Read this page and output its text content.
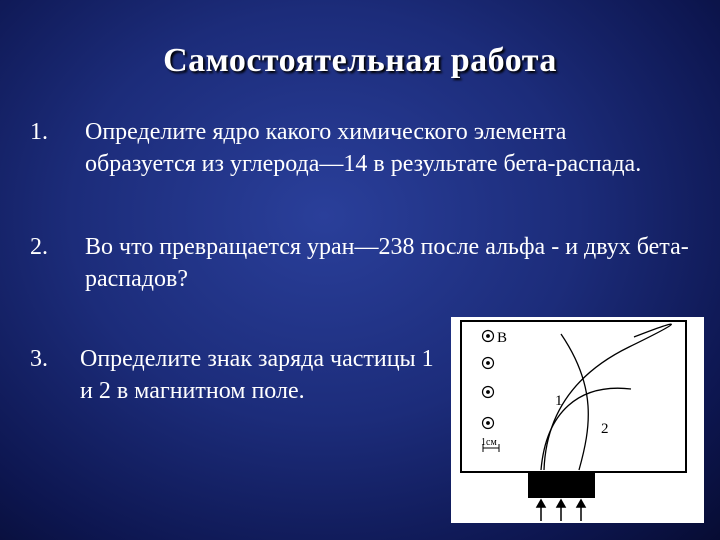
Самостоятельная работа
1. Определите ядро какого химического элемента образуется из углерода—14 в результате бета-распада.
2. Во что превращается уран—238 после альфа - и двух бета-распадов?
3. Определите знак заряда частицы 1 и 2 в магнитном поле.
B
1cм
1
2
